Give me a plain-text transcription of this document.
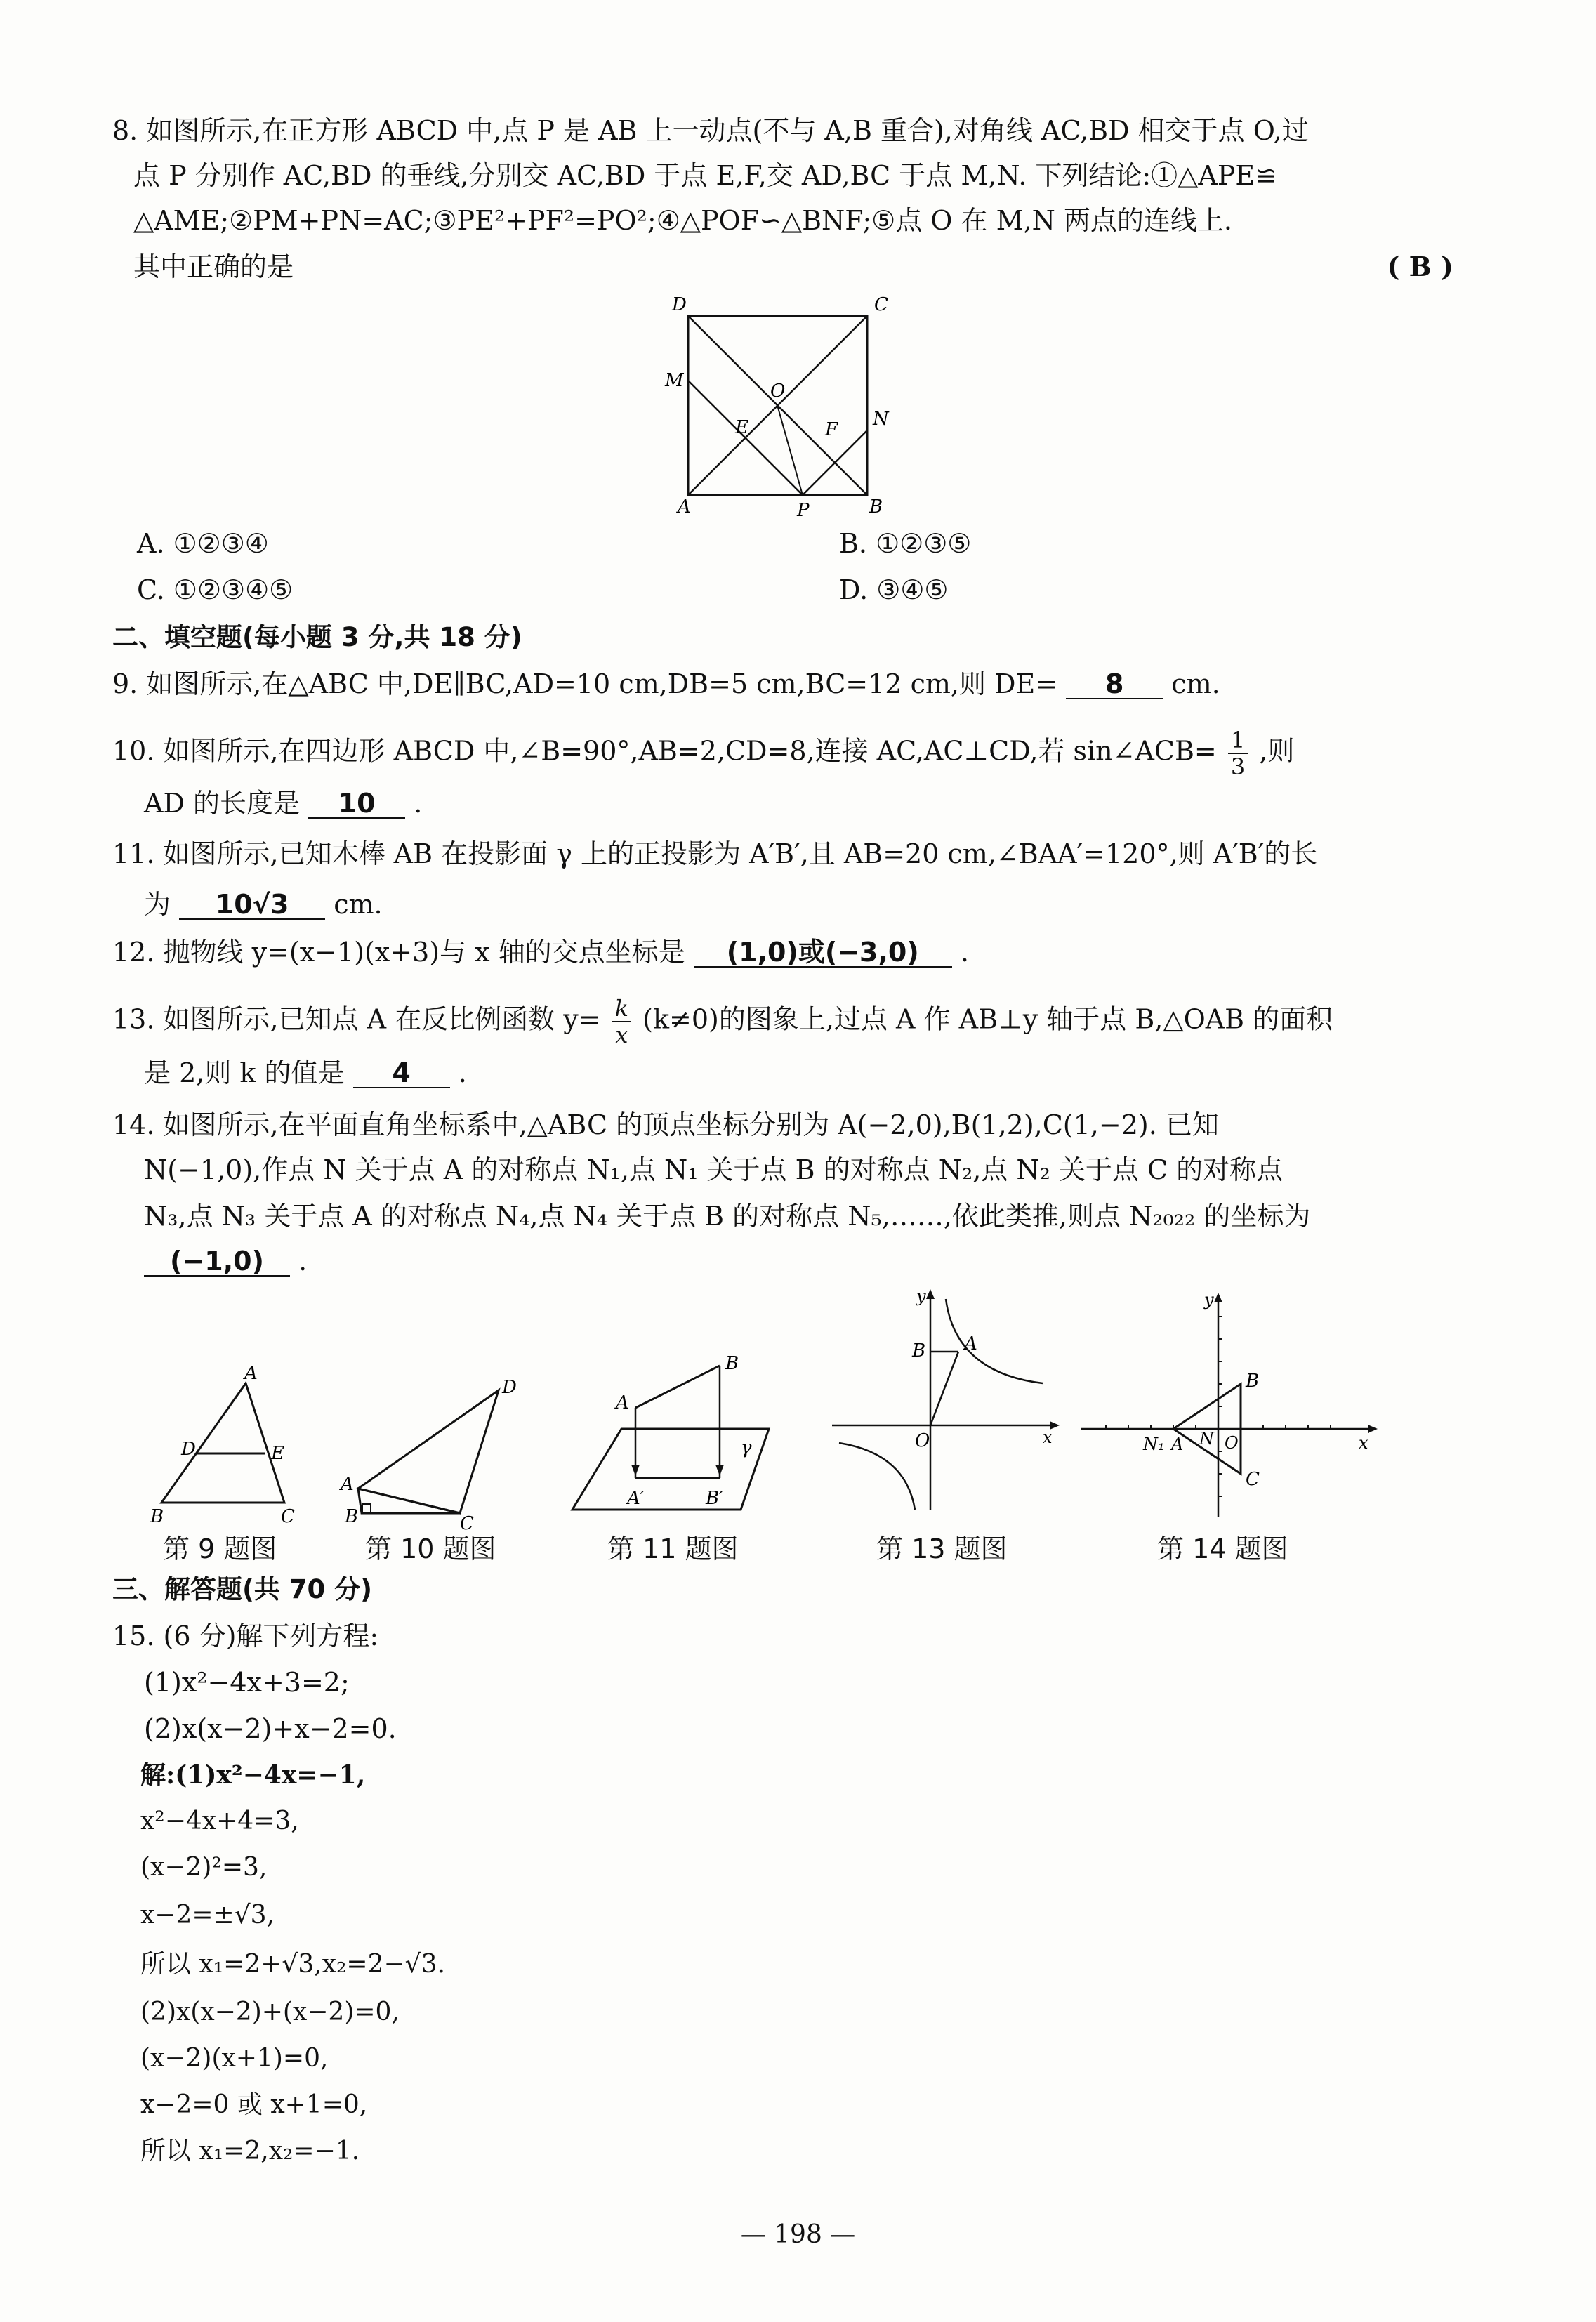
8. 如图所示,在正方形 ABCD 中,点 P 是 AB 上一动点(不与 A,B 重合),对角线 AC,BD 相交于点 O,过
点 P 分别作 AC,BD 的垂线,分别交 AC,BD 于点 E,F,交 AD,BC 于点 M,N. 下列结论:①△APE≌
△AME;②PM+PN=AC;③PE²+PF²=PO²;④△POF∽△BNF;⑤点 O 在 M,N 两点的连线上.
其中正确的是	( B )
D	C
M	O
N
E	F
A	P	B
A. ①②③④	B. ①②③⑤
C. ①②③④⑤	D. ③④⑤
二、填空题(每小题 3 分,共 18 分)
9. 如图所示,在△ABC 中,DE∥BC,AD=10 cm,DB=5 cm,BC=12 cm,则 DE= 8 cm.
10. 如图所示,在四边形 ABCD 中,∠B=90°,AB=2,CD=8,连接 AC,AC⊥CD,若 sin∠ACB= $\frac{1}{3}$ ,则
AD 的长度是 10 .
11. 如图所示,已知木棒 AB 在投影面 γ 上的正投影为 A′B′,且 AB=20 cm,∠BAA′=120°,则 A′B′的长
为 10√3 cm.
12. 抛物线 y=(x−1)(x+3)与 x 轴的交点坐标是 (1,0)或(−3,0) .
13. 如图所示,已知点 A 在反比例函数 $y= \frac{k}{x} (k\ne 0)$的图象上,过点 A 作 AB⊥y 轴于点 B,△OAB 的面积
是 2,则 k 的值是 4 .
14. 如图所示,在平面直角坐标系中,△ABC 的顶点坐标分别为 A(−2,0),B(1,2),C(1,−2). 已知
N(−1,0),作点 N 关于点 A 的对称点 N₁,点 N₁ 关于点 B 的对称点 N₂,点 N₂ 关于点 C 的对称点
N₃,点 N₃ 关于点 A 的对称点 N₄,点 N₄ 关于点 B 的对称点 N₅,……,依此类推,则点 N₂₀₂₂ 的坐标为
(−1,0) .
A
D	E
B	C
第 9 题图
D
A
B	C
第 10 题图
A
B
A′	B′
γ
第 11 题图
y
B A
O	x
第 13 题图
y
B
N₁ A N O
C
x
第 14 题图
三、解答题(共 70 分)
15. (6 分)解下列方程:
(1)x²−4x+3=2;
(2)x(x−2)+x−2=0.
解:(1)x²−4x=−1,
x²−4x+4=3,
(x−2)²=3,
x−2=±√3,
所以 x₁=2+√3,x₂=2−√3.
(2)x(x−2)+(x−2)=0,
(x−2)(x+1)=0,
x−2=0 或 x+1=0,
所以 x₁=2,x₂=−1.
— 198 —
